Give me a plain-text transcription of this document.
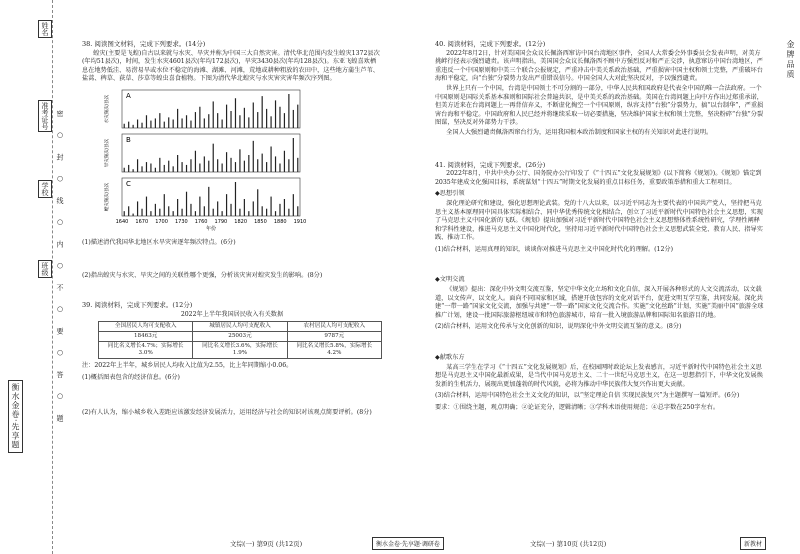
衡水金卷·先享题
姓名
准考证号
学校
班级	密 ○ 封 ○ 线 ○ 内 ○ 不 ○ 要 ○ 答 ○ 题
金牌品质

38. 阅读图文材料，完成下列要求。(14分)

蝗灾(主要是飞蝗)自古以来就与水灾、旱灾并称为中国三大自然灾害。清代华北范围内发生蝗灾1372县次(年均51县次)，时间，发生水灾4601县次(年均172县次)，旱灾3430县次(年均128县次)。东亚飞蝗喜欢栖息在地势低洼、易涝易旱或水位不稳定的海滩、湖滩、河滩，荒地或耕种粗放的农田中，这些地方蒲生芦苇、盐蒿、稗草、荻草、莎草等蝗虫喜食植物。下图为清代华北蝗灾与水灾害灾害年频次序列图。

A
水灾频次/县次
B
旱灾频次/县次
C
蝗灾频次/县次
1640 1670 1700 1730 1760 1790 1820 1850 1880 1910
年份

(1)描述清代我国华北地区水旱灾害逐年频次特点。(6分)

(2)指出蝗灾与水灾、旱灾之间的关联性哪个更强，分析该灾害对蝗灾发生的影响。(8分)

39. 阅读材料，完成下列要求。(12分)

2022年上半年我国居民收入有关数据

全国居民人均可支配收入	城镇居民人均可支配收入	农村居民人均可支配收入
18463元	25003元	9787元
同比名义增长4.7%；实际增长3.0%	同比名义增长3.6%，实际增长1.9%	同比名义增长5.8%，实际增长4.2%

注：2022年上半年，城乡居民人均收入比值为2.55，比上年同期缩小0.06。

(1)概括图表包含的经济信息。(6分)

(2)有人认为，缩小城乡收入差距应该激发经济发展活力，运用经济与社会的知识对该观点简要评析。(8分)

40. 阅读材料，完成下列要求。(12分)

2022年8月2日，针对美国国会众议长佩洛西窜访中国台湾地区事件，全国人大常委会外事委员会发表声明，对美方挑衅行径表示强烈谴责。该声明指出，美国国会众议长佩洛西不顾中方强烈反对和严正交涉，执意窜访中国台湾地区，严重违反一个中国原则和中美三个联合公报规定，严重冲击中美关系政治基础，严重损害中国主权和领土完整，严重破坏台海和平稳定，向“台独”分裂势力发出严重错误信号。中国全国人大对此坚决反对，予以强烈谴责。

世界上只有一个中国，台湾是中国领土不可分割的一部分，中华人民共和国政府是代表全中国的唯一合法政府。一个中国原则是国际关系基本准则和国际社会普遍共识，是中美关系的政治基础。美国在台湾问题上向中方作出过郑重承诺，但美方近来在台湾问题上一再背信弃义，不断虚化掏空一个中国原则，纵容支持“台独”分裂势力，搞“以台制华”，严重损害台海和平稳定。中国政府和人民已经并将继续采取一切必要措施，坚决维护国家主权和领土完整，坚决粉碎“台独”分裂图谋，坚决反对外部势力干涉。

全国人大强烈谴责佩洛西窜台行为，运用我国根本政治制度和国家主权的有关知识对此进行说明。

41. 阅读材料，完成下列要求。(26分)

2022年8月，中共中央办公厅、国务院办公厅印发了《“十四五”文化发展规划》(以下简称《规划》)。《规划》锚定到2035年建成文化强国目标，系统谋划“十四五”时期文化发展的重点目标任务，重要政策举措和重大工程项目。

◆思想引领

深化理论研究和建设，强化思想理论武装。党的十八大以来，以习近平同志为主要代表的中国共产党人，坚持把马克思主义基本原理同中国具体实际相结合、同中华优秀传统文化相结合，创立了习近平新时代中国特色社会主义思想，实现了马克思主义中国化新的飞跃。《规划》提出加强对习近平新时代中国特色社会主义思想整体性系统性研究，学理性阐释和学科性建设，推进马克思主义中国化时代化，坚持用习近平新时代中国特色社会主义思想武装全党、教育人民、指导实践、推动工作。

(1)结合材料，运用真理的知识，谈谈你对推进马克思主义中国化时代化的理解。(12分)

◆文明交流

《规划》提出：深化中外文明交流互鉴，坚定中华文化立场和文化自信，深入开展各种形式的人文交流活动，以文载道，以文传声，以文化人。面向不同国家和区域，搭建开放包容的文化对话平台，促进文明互学互鉴，共同发展。深化共建“一带一路”国家文化交流，加强与共建“一带一路”国家文化交流合作。实施“文化丝路”计划，实施“美丽中国”旅游全球推广计划，建设一批国际旅游枢纽城市和特色旅游城市，培育一批入境旅游品牌和国际知名旅游目的地。

(2)结合材料，运用文化传承与文化创新的知识，说明深化中外文明交流互鉴的意义。(8分)

◆献歌东方

某高三学生在学习《“十四五”文化发展规划》后，在校园网时政论坛上发表感言，习近平新时代中国特色社会主义思想是马克思主义中国化最新成果，是当代中国马克思主义、二十一世纪马克思主义，在这一思想指引下，中华文化发展焕发新的生机活力，展现出更加蓬勃的时代风貌，必将为推动中华民族伟大复兴作出更大贡献。

(3)结合材料，运用中国特色社会主义文化的知识，以“坚定理论自信 实现民族复兴”为主题撰写一篇短评。(6分)

要求：①围绕主题，观点明确；②论证充分，逻辑清晰；③学科术语使用规范；④总字数在250字左右。

文综(一) 第9页 (共12页)	衡水金卷·先享题·调研卷	文综(一) 第10页 (共12页)	新教材
